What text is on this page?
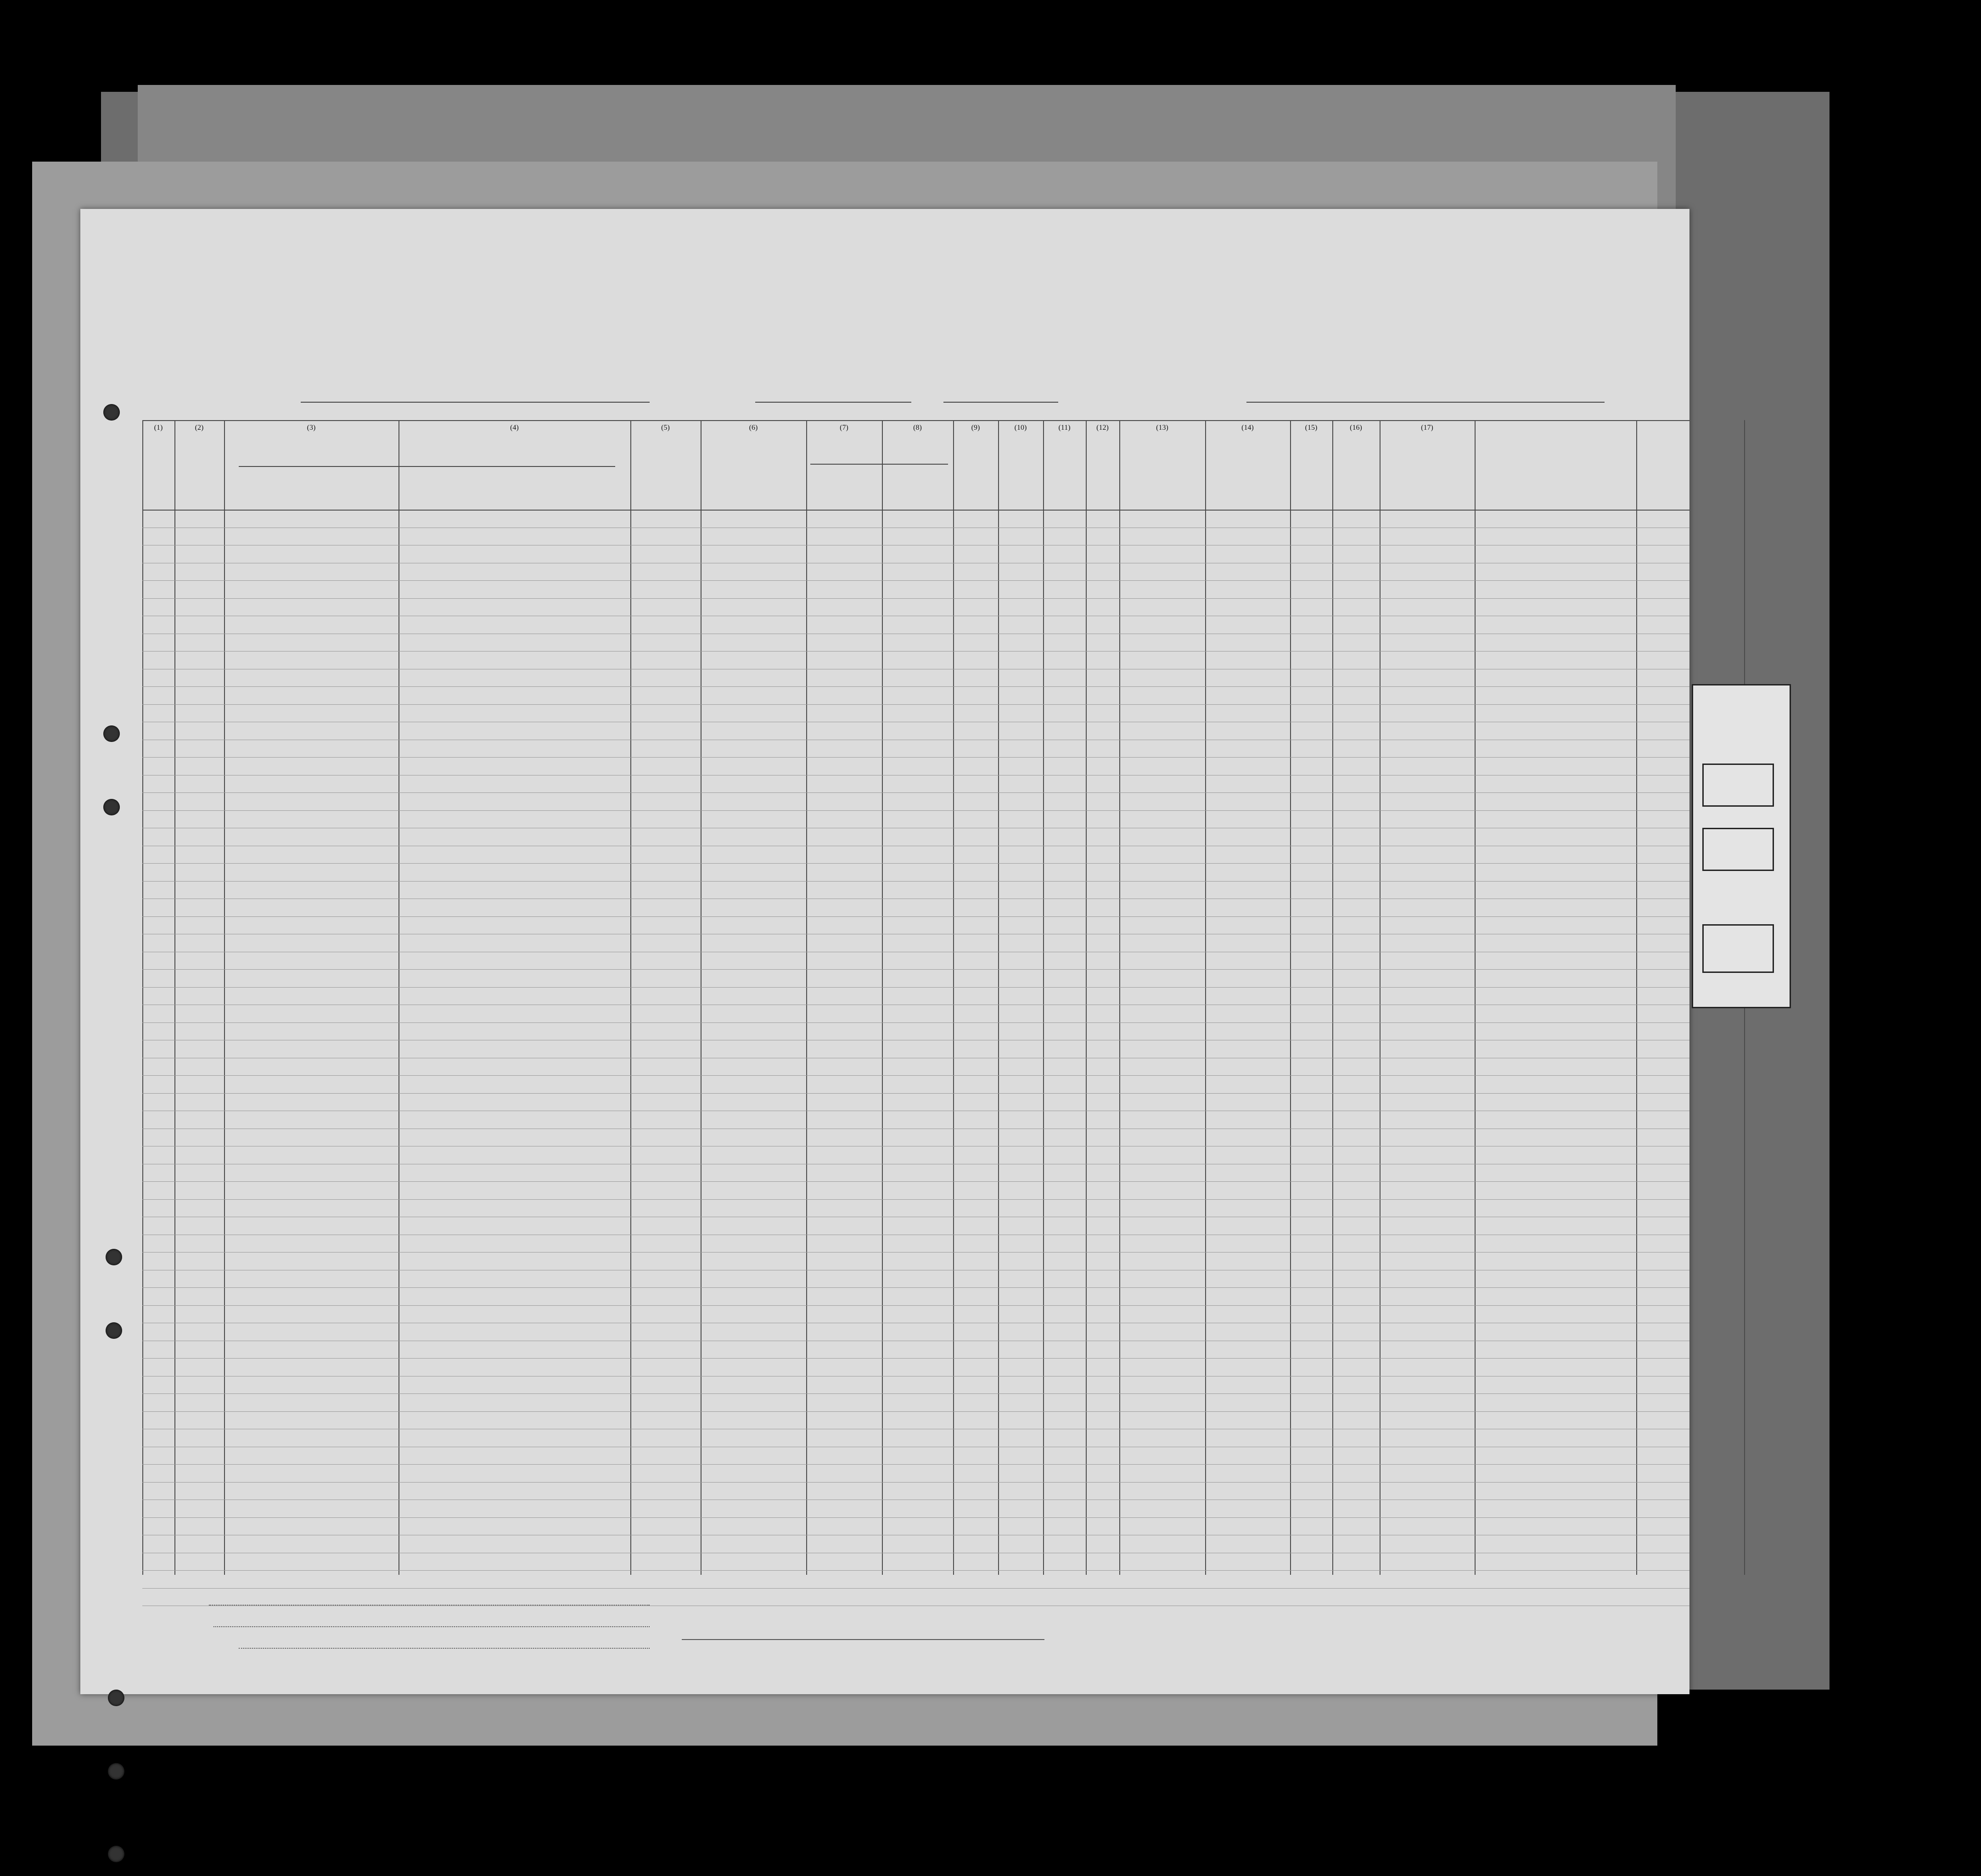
(1)	(2)	(3)	(4)	(5)	(6)	(7)	(8)	(9)	(10)	(11)	(12)	(13)	(14)	(15)	(16)	(17)
